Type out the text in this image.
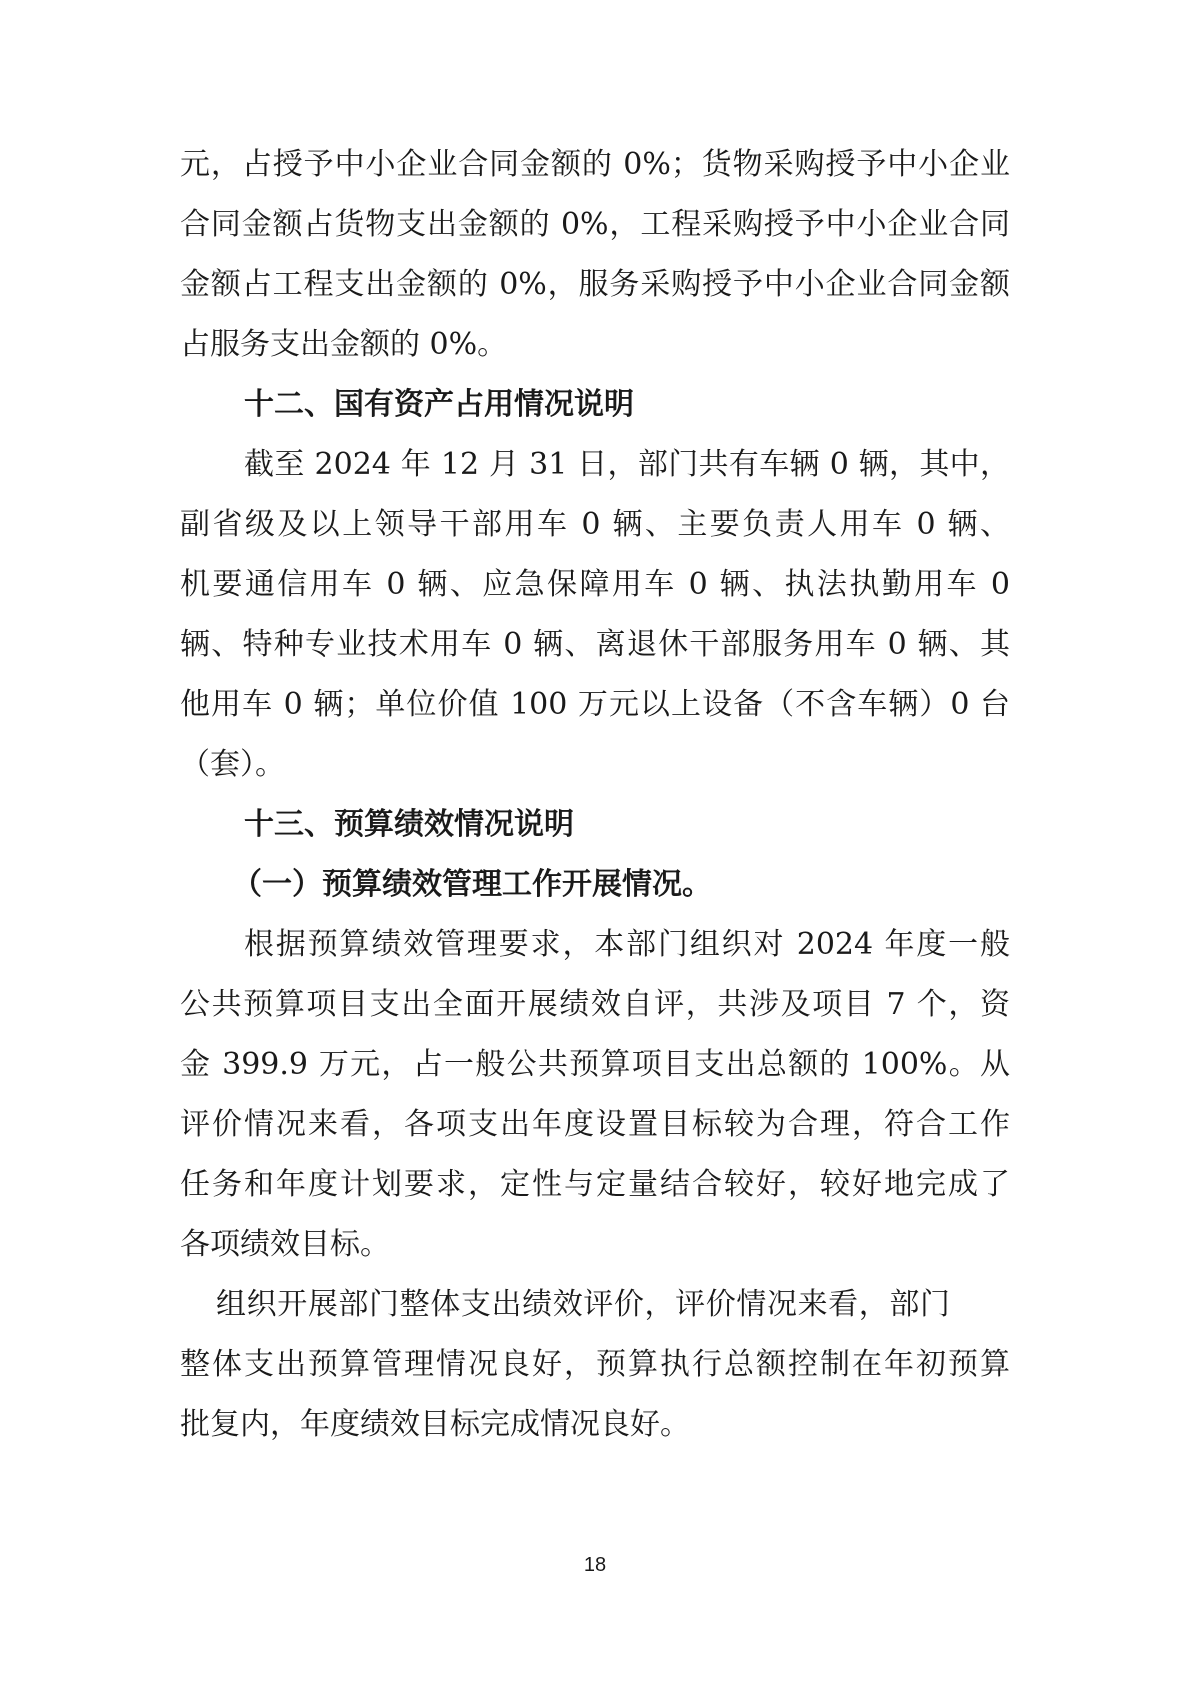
元，占授予中小企业合同金额的 0%；货物采购授予中小企业
合同金额占货物支出金额的 0%，工程采购授予中小企业合同
金额占工程支出金额的 0%，服务采购授予中小企业合同金额
占服务支出金额的 0%。
十二、国有资产占用情况说明
截至 2024 年 12 月 31 日，部门共有车辆 0 辆，其中，
副省级及以上领导干部用车 0 辆、主要负责人用车 0 辆、
机要通信用车 0 辆、应急保障用车 0 辆、执法执勤用车 0
辆、特种专业技术用车 0 辆、离退休干部服务用车 0 辆、其
他用车 0 辆；单位价值 100 万元以上设备（不含车辆）0 台
（套）。
十三、预算绩效情况说明
（一）预算绩效管理工作开展情况。
根据预算绩效管理要求，本部门组织对 2024 年度一般
公共预算项目支出全面开展绩效自评，共涉及项目 7 个，资
金 399.9 万元，占一般公共预算项目支出总额的 100%。从
评价情况来看，各项支出年度设置目标较为合理，符合工作
任务和年度计划要求，定性与定量结合较好，较好地完成了
各项绩效目标。
组织开展部门整体支出绩效评价，评价情况来看，部门
整体支出预算管理情况良好，预算执行总额控制在年初预算
批复内，年度绩效目标完成情况良好。
18
